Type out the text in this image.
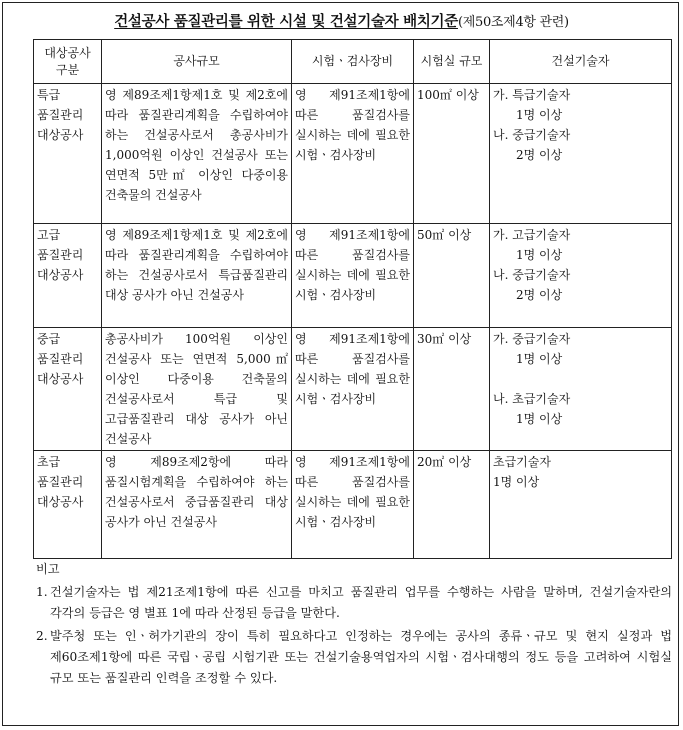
건설공사 품질관리를 위한 시설 및 건설기술자 배치기준(제50조제4항 관련)
대상공사 구분	공사규모	시험ㆍ검사장비	시험실 규모	건설기술자
특급 품질관리 대상공사	영 제89조제1항제1호 및 제2호에 따라 품질관리계획을 수립하여야 하는 건설공사로서 총공사비가 1,000억원 이상인 건설공사 또는 연면적 5만㎡ 이상인 다중이용 건축물의 건설공사	영 제91조제1항에 따른 품질검사를 실시하는 데에 필요한 시험ㆍ검사장비	100㎡ 이상	가. 특급기술자
1명 이상
나. 중급기술자
2명 이상

고급 품질관리 대상공사	영 제89조제1항제1호 및 제2호에 따라 품질관리계획을 수립하여야 하는 건설공사로서 특급품질관리 대상 공사가 아닌 건설공사	영 제91조제1항에 따른 품질검사를 실시하는 데에 필요한 시험ㆍ검사장비	50㎡ 이상	가. 고급기술자
1명 이상
나. 중급기술자
2명 이상

중급 품질관리 대상공사	총공사비가 100억원 이상인 건설공사 또는 연면적 5,000㎡ 이상인 다중이용 건축물의 건설공사로서 특급 및 고급품질관리 대상 공사가 아닌 건설공사	영 제91조제1항에 따른 품질검사를 실시하는 데에 필요한 시험ㆍ검사장비	30㎡ 이상	가. 중급기술자
1명 이상
나. 초급기술자
1명 이상

초급 품질관리 대상공사	영 제89조제2항에 따라 품질시험계획을 수립하여야 하는 건설공사로서 중급품질관리 대상 공사가 아닌 건설공사	영 제91조제1항에 따른 품질검사를 실시하는 데에 필요한 시험ㆍ검사장비	20㎡ 이상	초급기술자
1명 이상
비고
1. 건설기술자는 법 제21조제1항에 따른 신고를 마치고 품질관리 업무를 수행하는 사람을 말하며, 건설기술자란의 각각의 등급은 영 별표 1에 따라 산정된 등급을 말한다.
2. 발주청 또는 인ㆍ허가기관의 장이 특히 필요하다고 인정하는 경우에는 공사의 종류ㆍ규모 및 현지 실정과 법 제60조제1항에 따른 국립ㆍ공립 시험기관 또는 건설기술용역업자의 시험ㆍ검사대행의 정도 등을 고려하여 시험실 규모 또는 품질관리 인력을 조정할 수 있다.
